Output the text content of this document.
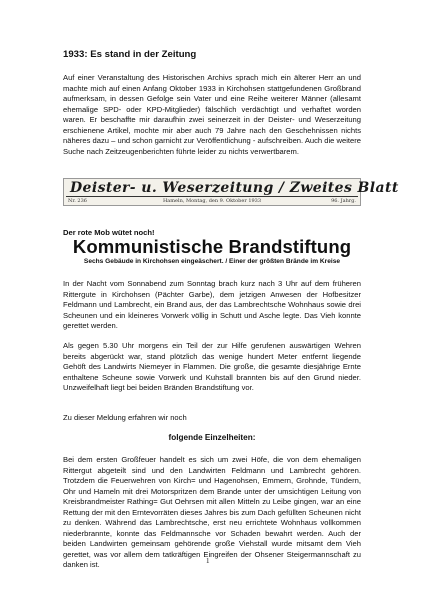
1933: Es stand in der Zeitung

Auf einer Veranstaltung des Historischen Archivs sprach mich ein älterer Herr an und machte mich auf einen Anfang Oktober 1933 in Kirchohsen stattgefundenen Großbrand aufmerksam, in dessen Gefolge sein Vater und eine Reihe weiterer Männer (allesamt ehemalige SPD- oder KPD-Mitglieder) fälschlich verdächtigt und verhaftet worden waren. Er beschaffte mir daraufhin zwei seinerzeit in der Deister- und Weserzeitung erschienene Artikel, mochte mir aber auch 79 Jahre nach den Geschehnissen nichts näheres dazu – und schon garnicht zur Veröffentlichung - aufschreiben. Auch die weitere Suche nach Zeitzeugenberichten führte leider zu nichts verwertbarem.

Deister- u. Weserzeitung / Zweites Blatt
Nr. 236	Hameln, Montag, den 9. Oktober 1933	96. Jahrg.
Der rote Mob wütet noch!
Kommunistische Brandstiftung
Sechs Gebäude in Kirchohsen eingeäschert. / Einer der größten Brände im Kreise

In der Nacht vom Sonnabend zum Sonntag brach kurz nach 3 Uhr auf dem früheren Rittergute in Kirchohsen (Pächter Garbe), dem jetzigen Anwesen der Hofbesitzer Feldmann und Lambrecht, ein Brand aus, der das Lambrechtsche Wohnhaus sowie drei Scheunen und ein kleineres Vorwerk völlig in Schutt und Asche legte. Das Vieh konnte gerettet werden.

Als gegen 5.30 Uhr morgens ein Teil der zur Hilfe gerufenen auswärtigen Wehren bereits abgerückt war, stand plötzlich das wenige hundert Meter entfernt liegende Gehöft des Landwirts Niemeyer in Flammen. Die große, die gesamte diesjährige Ernte enthaltene Scheune sowie Vorwerk und Kuhstall brannten bis auf den Grund nieder. Unzweifelhaft liegt bei beiden Bränden Brandstiftung vor.

Zu dieser Meldung erfahren wir noch

folgende Einzelheiten:

Bei dem ersten Großfeuer handelt es sich um zwei Höfe, die von dem ehemaligen Rittergut abgeteilt sind und den Landwirten Feldmann und Lambrecht gehören. Trotzdem die Feuerwehren von Kirch= und Hagenohsen, Emmern, Grohnde, Tündern, Ohr und Hameln mit drei Motorspritzen dem Brande unter der umsichtigen Leitung von Kreisbrandmeister Rathing= Gut Oehrsen mit allen Mitteln zu Leibe gingen, war an eine Rettung der mit den Erntevorräten dieses Jahres bis zum Dach gefüllten Scheunen nicht zu denken. Während das Lambrechtsche, erst neu errichtete Wohnhaus vollkommen niederbrannte, konnte das Feldmannsche vor Schaden bewahrt werden. Auch der beiden Landwirten gemeinsam gehörende große Viehstall wurde mitsamt dem Vieh gerettet, was vor allem dem tatkräftigen Eingreifen der Ohsener Steigermannschaft zu danken ist.	1
